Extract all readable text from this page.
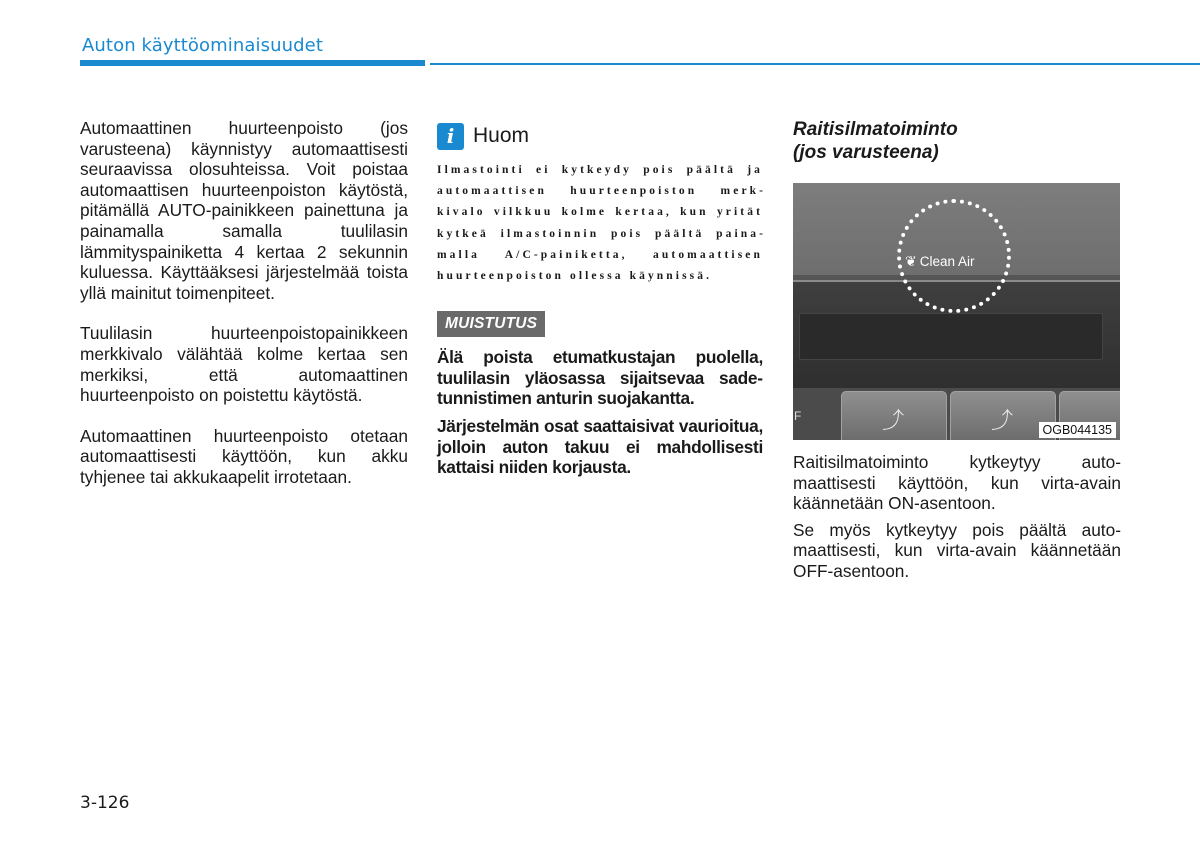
Auton käyttöominaisuudet

Automaattinen huurteenpoisto (jos varusteena) käynnistyy automaattisesti seuraavissa olosuhteissa. Voit poistaa automaattisen huurteenpoiston käytöstä, pitämällä AUTO-painikkeen painettuna ja painamalla samalla tuulilasin lämmityspainiketta 4 kertaa 2 sekunnin kuluessa. Käyttääksesi järjestelmää toista yllä mainitut toimenpiteet.

Tuulilasin huurteenpoistopainikkeen merkkivalo välähtää kolme kertaa sen merkiksi, että automaattinen huurteenpoisto on poistettu käytöstä.

Automaattinen huurteenpoisto otetaan automaattisesti käyttöön, kun akku tyhjenee tai akkukaapelit irrotetaan.

i Huom

Ilmastointi ei kytkeydy pois päältä ja automaattisen huurteenpoiston merkkivalo vilkkuu kolme kertaa, kun yrität kytkeä ilmastoinnin pois päältä painamalla A/C-painiketta, automaattisen huurteenpoiston ollessa käynnissä.

MUISTUTUS

Älä poista etumatkustajan puolella, tuulilasin yläosassa sijaitsevaa sadetunnistimen anturin suojakantta.

Järjestelmän osat saattaisivat vaurioitua, jolloin auton takuu ei mahdollisesti kattaisi niiden korjausta.

Raitisilmatoiminto
(jos varusteena)
⤴	⤴
F
❦ Clean Air
OGB044135

Raitisilmatoiminto kytkeytyy automaattisesti käyttöön, kun virta-avain käännetään ON-asentoon.

Se myös kytkeytyy pois päältä automaattisesti, kun virta-avain käännetään OFF-asentoon.

3-126
